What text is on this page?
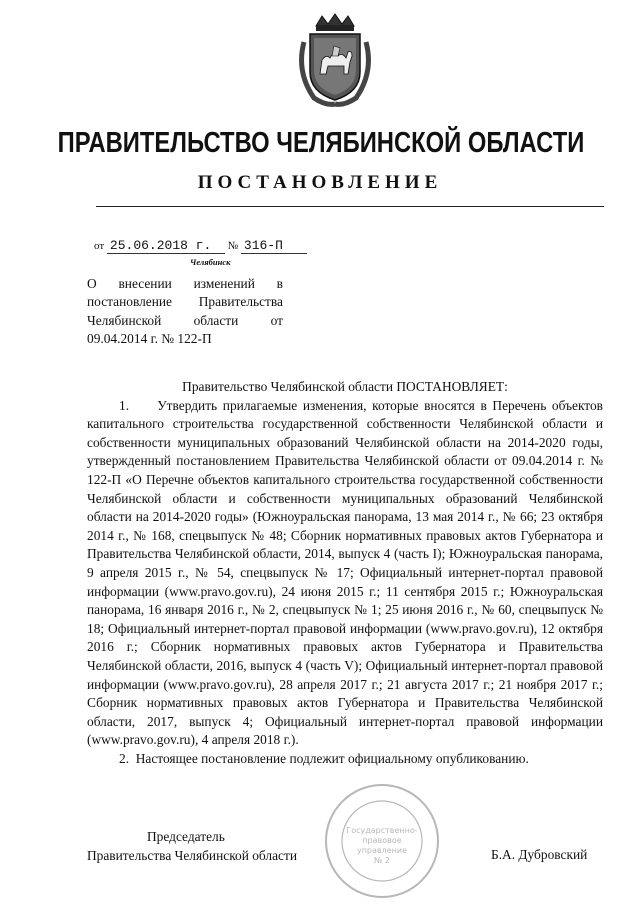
ПРАВИТЕЛЬСТВО ЧЕЛЯБИНСКОЙ ОБЛАСТИ
ПОСТАНОВЛЕНИЕ
от 25.06.2018 г. № 316-П
Челябинск
О внесении изменений в постановление Правительства Челябинской области от 09.04.2014 г. № 122-П

Правительство Челябинской области ПОСТАНОВЛЯЕТ:

1.     Утвердить прилагаемые изменения, которые вносятся в Перечень объектов капитального строительства государственной собственности Челябинской области и собственности муниципальных образований Челябинской области на 2014-2020 годы, утвержденный постановлением Правительства Челябинской области от 09.04.2014 г. № 122-П «О Перечне объектов капитального строительства государственной собственности Челябинской области и собственности муниципальных образований Челябинской области на 2014-2020 годы» (Южноуральская панорама, 13 мая 2014 г., № 66; 23 октября 2014 г., № 168, спецвыпуск № 48; Сборник нормативных правовых актов Губернатора и Правительства Челябинской области, 2014, выпуск 4 (часть I); Южноуральская панорама, 9 апреля 2015 г., № 54, спецвыпуск № 17; Официальный интернет-портал правовой информации (www.pravo.gov.ru), 24 июня 2015 г.; 11 сентября 2015 г.; Южноуральская панорама, 16 января 2016 г., № 2, спецвыпуск № 1; 25 июня 2016 г., № 60, спецвыпуск № 18; Официальный интернет-портал правовой информации (www.pravo.gov.ru), 12 октября 2016 г.; Сборник нормативных правовых актов Губернатора и Правительства Челябинской области, 2016, выпуск 4 (часть V); Официальный интернет-портал правовой информации (www.pravo.gov.ru), 28 апреля 2017 г.; 21 августа 2017 г.; 21 ноября 2017 г.; Сборник нормативных правовых актов Губернатора и Правительства Челябинской области, 2017, выпуск 4; Официальный интернет-портал правовой информации (www.pravo.gov.ru), 4 апреля 2018 г.).

2.  Настоящее постановление подлежит официальному опубликованию.

Государственно-
правовое
управление
№ 2
Председатель
Правительства Челябинской области	Б.А. Дубровский
